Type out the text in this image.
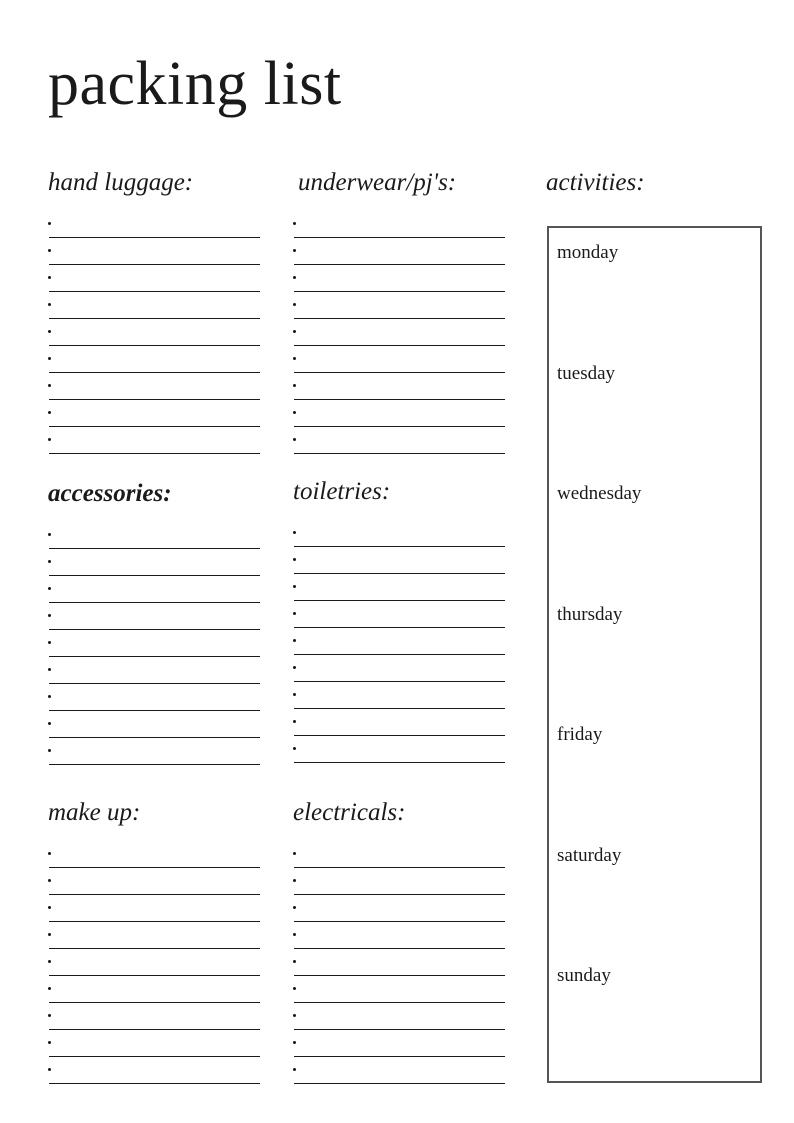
packing list
hand luggage:	underwear/pj's:
accessories:	toiletries:
make up:	electricals:
activities:
monday
tuesday
wednesday
thursday
friday
saturday
sunday
